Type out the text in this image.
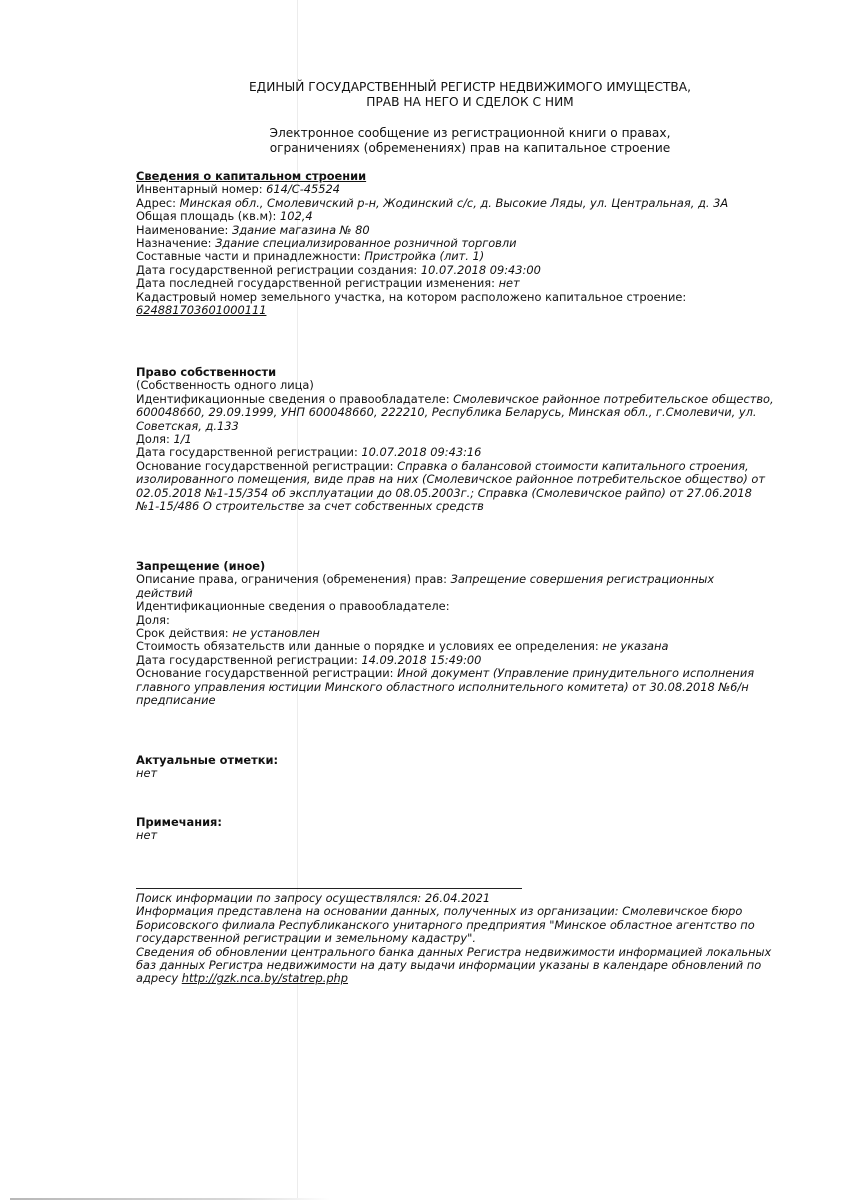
ЕДИНЫЙ ГОСУДАРСТВЕННЫЙ РЕГИСТР НЕДВИЖИМОГО ИМУЩЕСТВА,
ПРАВ НА НЕГО И СДЕЛОК С НИМ
Электронное сообщение из регистрационной книги о правах,
ограничениях (обременениях) прав на капитальное строение
Сведения о капитальном строении
Инвентарный номер: 614/С-45524
Адрес: Минская обл., Смолевичский р-н, Жодинский с/с, д. Высокие Ляды, ул. Центральная, д. 3А
Общая площадь (кв.м): 102,4
Наименование: Здание магазина № 80
Назначение: Здание специализированное розничной торговли
Составные части и принадлежности: Пристройка (лит. 1)
Дата государственной регистрации создания: 10.07.2018 09:43:00
Дата последней государственной регистрации изменения: нет
Кадастровый номер земельного участка, на котором расположено капитальное строение:
624881703601000111
Право собственности
(Собственность одного лица)
Идентификационные сведения о правообладателе: Смолевичское районное потребительское общество,
600048660, 29.09.1999, УНП 600048660, 222210, Республика Беларусь, Минская обл., г.Смолевичи, ул.
Советская, д.133
Доля: 1/1
Дата государственной регистрации: 10.07.2018 09:43:16
Основание государственной регистрации: Справка о балансовой стоимости капитального строения,
изолированного помещения, виде прав на них (Смолевичское районное потребительское общество) от
02.05.2018 №1-15/354 об эксплуатации до 08.05.2003г.; Справка (Смолевичское райпо) от 27.06.2018
№1-15/486 О строительстве за счет собственных средств
Запрещение (иное)
Описание права, ограничения (обременения) прав: Запрещение совершения регистрационных
действий
Идентификационные сведения о правообладателе:
Доля:
Срок действия: не установлен
Стоимость обязательств или данные о порядке и условиях ее определения: не указана
Дата государственной регистрации: 14.09.2018 15:49:00
Основание государственной регистрации: Иной документ (Управление принудительного исполнения
главного управления юстиции Минского областного исполнительного комитета) от 30.08.2018 №6/н
предписание
Актуальные отметки:
нет
Примечания:
нет
Поиск информации по запросу осуществлялся: 26.04.2021
Информация представлена на основании данных, полученных из организации: Смолевичское бюро
Борисовского филиала Республиканского унитарного предприятия "Минское областное агентство по
государственной регистрации и земельному кадастру".
Сведения об обновлении центрального банка данных Регистра недвижимости информацией локальных
баз данных Регистра недвижимости на дату выдачи информации указаны в календаре обновлений по
адресу http://gzk.nca.by/statrep.php
